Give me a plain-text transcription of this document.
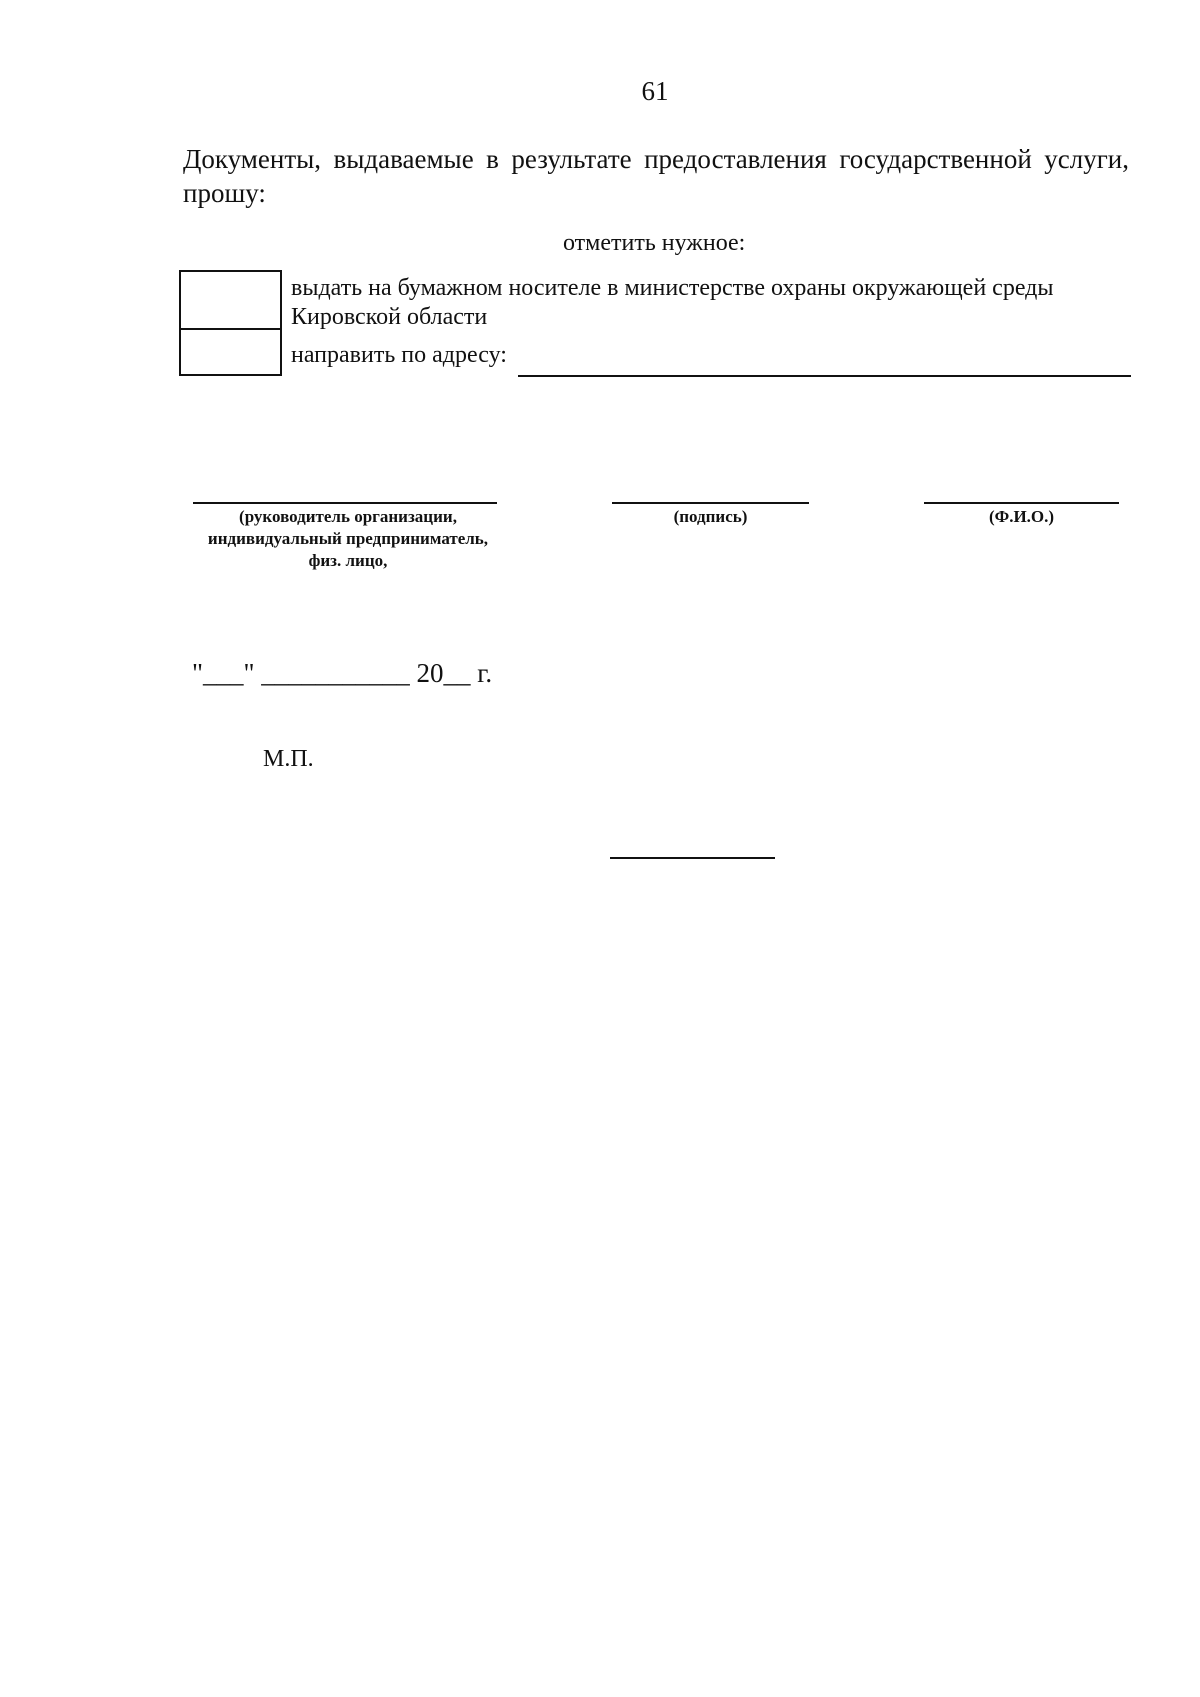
61
Документы, выдаваемые в результате предоставления государственной услуги, прошу:
отметить нужное:
выдать на бумажном носителе в министерстве охраны окружающей среды Кировской области
направить по адресу:
(руководитель организации,
индивидуальный предприниматель,
физ. лицо,
(подпись)	(Ф.И.О.)
"___" ___________ 20__ г.
М.П.
